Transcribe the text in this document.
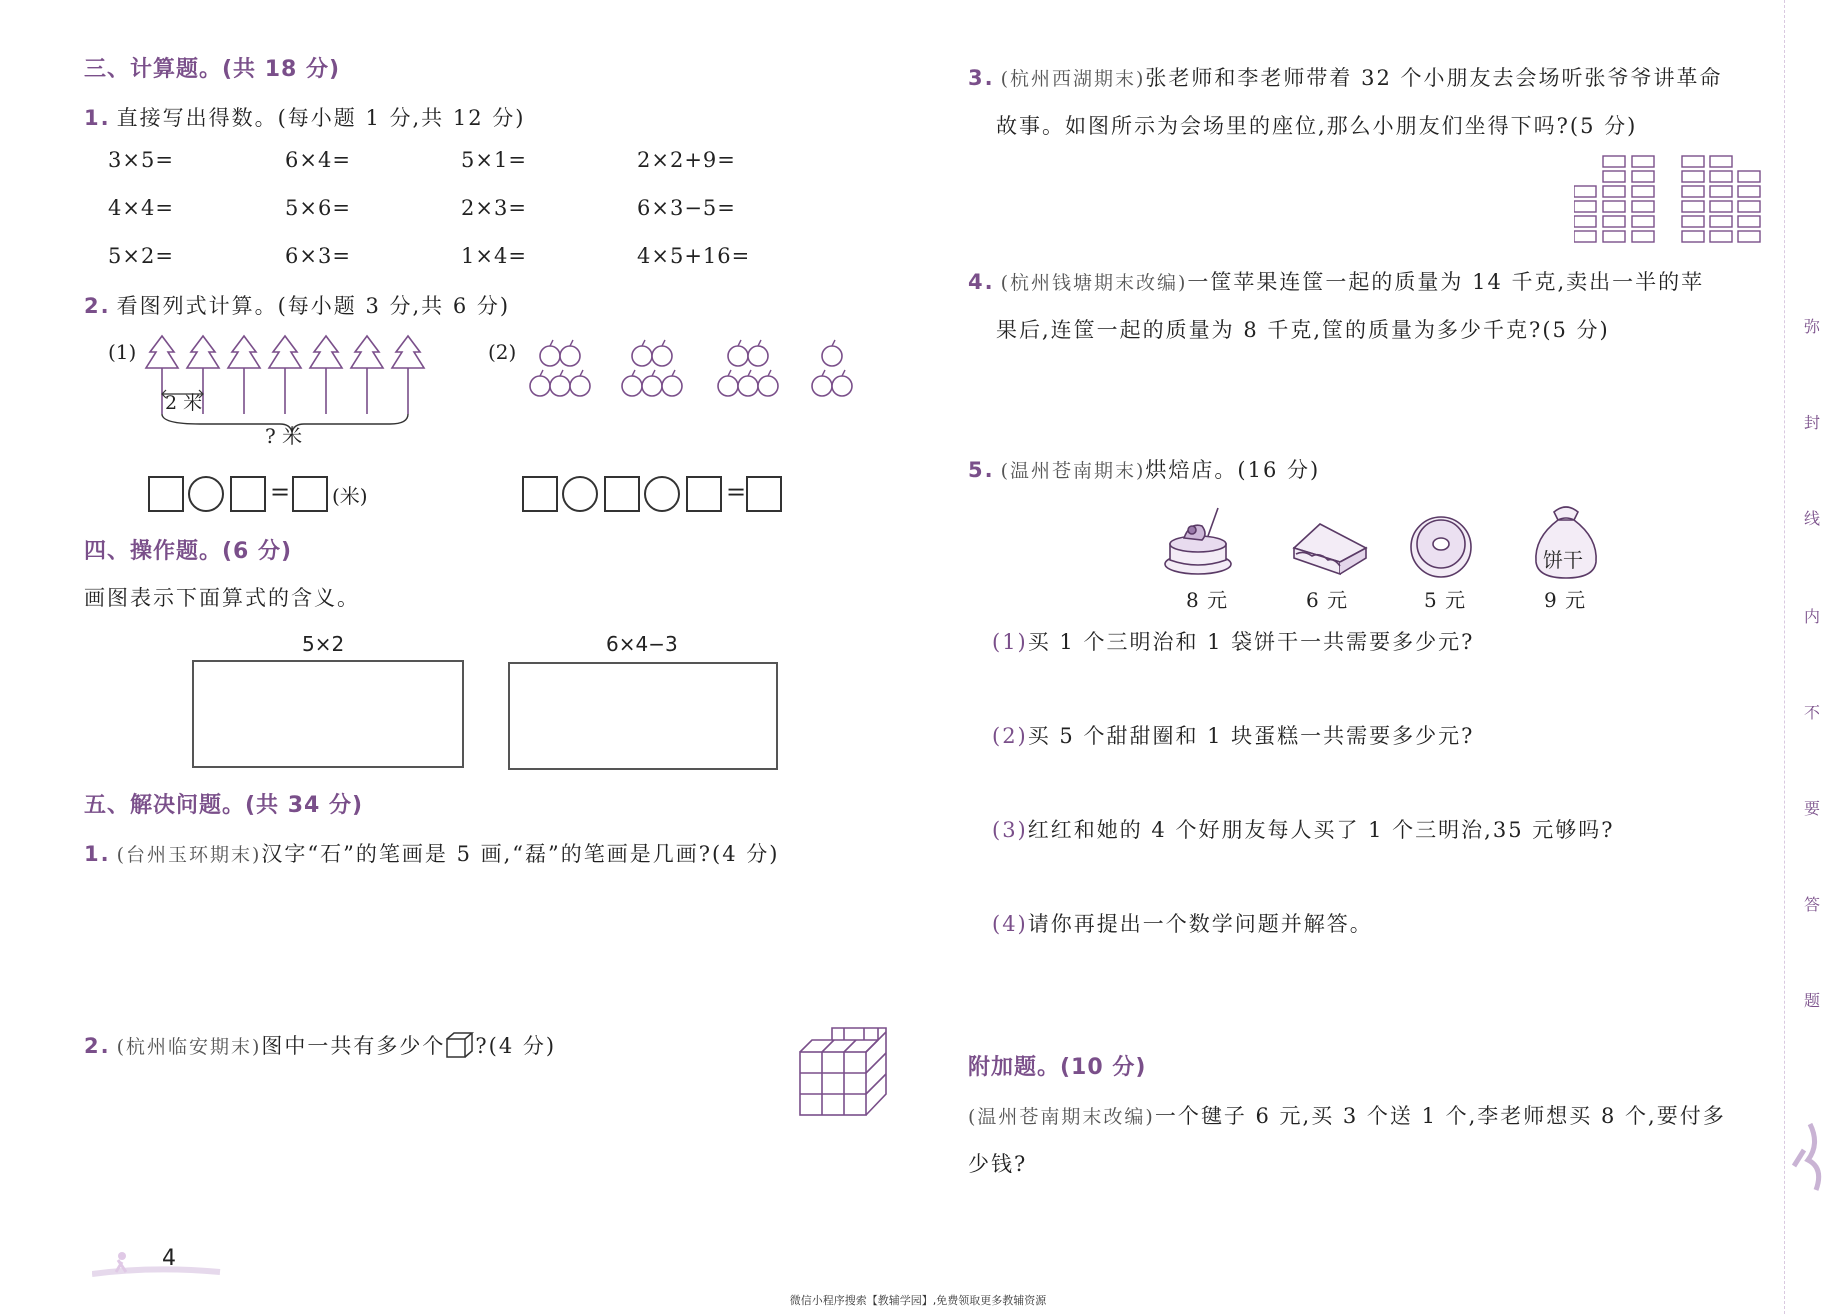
三、计算题。(共 18 分)
1. 直接写出得数。(每小题 1 分,共 12 分)
3×5=	6×4=	5×1=	2×2+9=
4×4=	5×6=	2×3=	6×3−5=
5×2=	6×3=	1×4=	4×5+16=
2. 看图列式计算。(每小题 3 分,共 6 分)
(1)
2 米
? 米
= (米)
(2)
=
四、操作题。(6 分)
画图表示下面算式的含义。
5×2	6×4−3
五、解决问题。(共 34 分)
1. (台州玉环期末)汉字“石”的笔画是 5 画,“磊”的笔画是几画?(4 分)
2. (杭州临安期末)图中一共有多少个 ?(4 分)
4
3. (杭州西湖期末)张老师和李老师带着 32 个小朋友去会场听张爷爷讲革命
故事。如图所示为会场里的座位,那么小朋友们坐得下吗?(5 分)
4. (杭州钱塘期末改编)一筐苹果连筐一起的质量为 14 千克,卖出一半的苹
果后,连筐一起的质量为 8 千克,筐的质量为多少千克?(5 分)
5. (温州苍南期末)烘焙店。(16 分)
饼干
8 元	6 元	5 元	9 元
(1)买 1 个三明治和 1 袋饼干一共需要多少元?
(2)买 5 个甜甜圈和 1 块蛋糕一共需要多少元?
(3)红红和她的 4 个好朋友每人买了 1 个三明治,35 元够吗?
(4)请你再提出一个数学问题并解答。
附加题。(10 分)
(温州苍南期末改编)一个毽子 6 元,买 3 个送 1 个,李老师想买 8 个,要付多
少钱?
弥
封
线
内
不
要
答
题
微信小程序搜索【教辅学园】,免费领取更多教辅资源
